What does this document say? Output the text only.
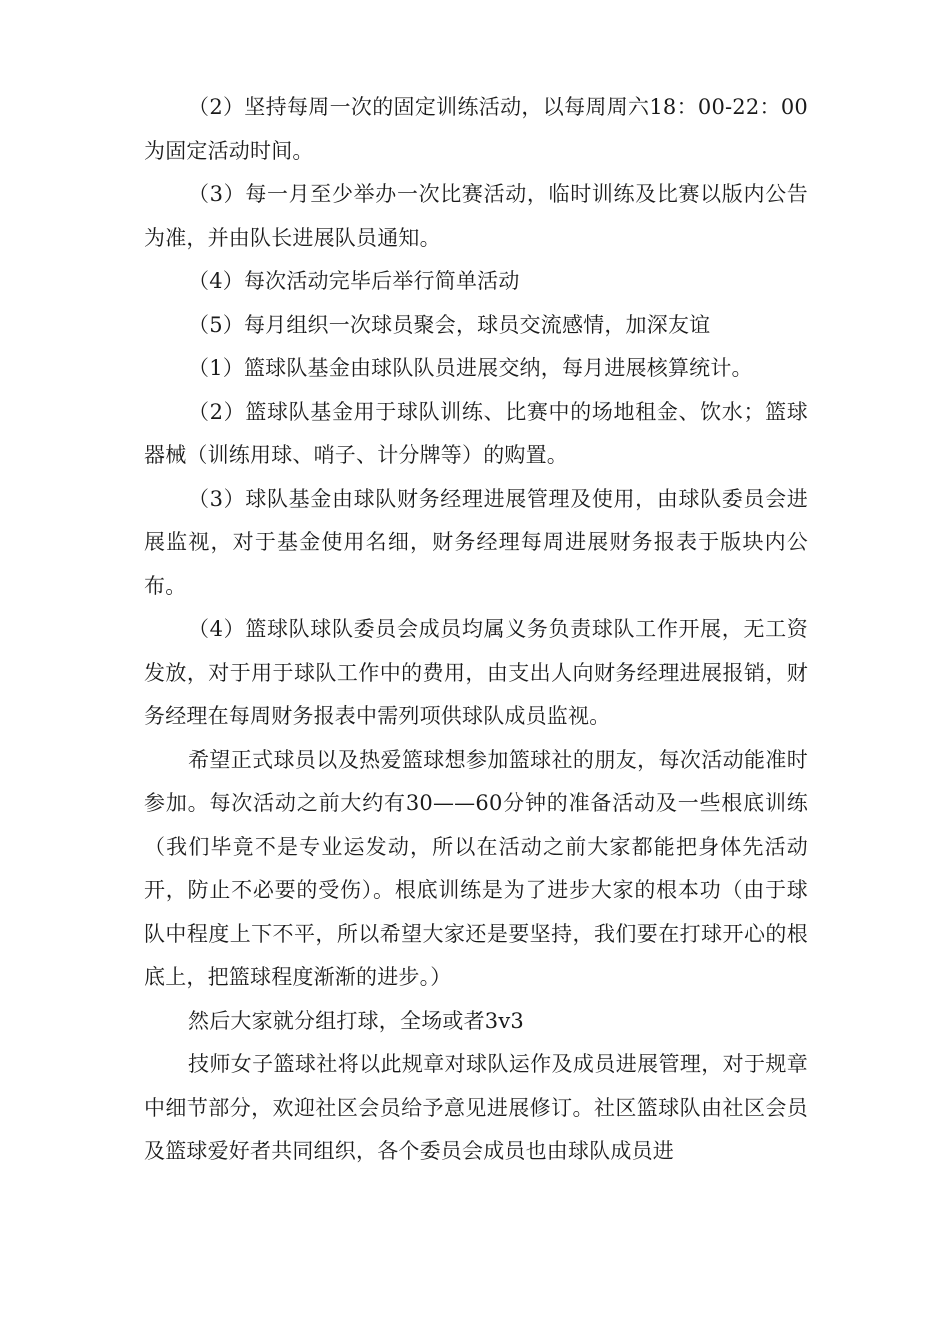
（2）坚持每周一次的固定训练活动，以每周周六18：00-22：00为固定活动时间。

（3）每一月至少举办一次比赛活动，临时训练及比赛以版内公告为准，并由队长进展队员通知。

（4）每次活动完毕后举行简单活动

（5）每月组织一次球员聚会，球员交流感情，加深友谊

（1）篮球队基金由球队队员进展交纳，每月进展核算统计。

（2）篮球队基金用于球队训练、比赛中的场地租金、饮水；篮球器械（训练用球、哨子、计分牌等）的购置。

（3）球队基金由球队财务经理进展管理及使用，由球队委员会进展监视，对于基金使用名细，财务经理每周进展财务报表于版块内公布。

（4）篮球队球队委员会成员均属义务负责球队工作开展，无工资发放，对于用于球队工作中的费用，由支出人向财务经理进展报销，财务经理在每周财务报表中需列项供球队成员监视。

希望正式球员以及热爱篮球想参加篮球社的朋友，每次活动能准时参加。每次活动之前大约有30——60分钟的准备活动及一些根底训练（我们毕竟不是专业运发动，所以在活动之前大家都能把身体先活动开，防止不必要的受伤）。根底训练是为了进步大家的根本功（由于球队中程度上下不平，所以希望大家还是要坚持，我们要在打球开心的根底上，把篮球程度渐渐的进步。）

然后大家就分组打球，全场或者3v3

技师女子篮球社将以此规章对球队运作及成员进展管理，对于规章中细节部分，欢迎社区会员给予意见进展修订。社区篮球队由社区会员及篮球爱好者共同组织，各个委员会成员也由球队成员进
